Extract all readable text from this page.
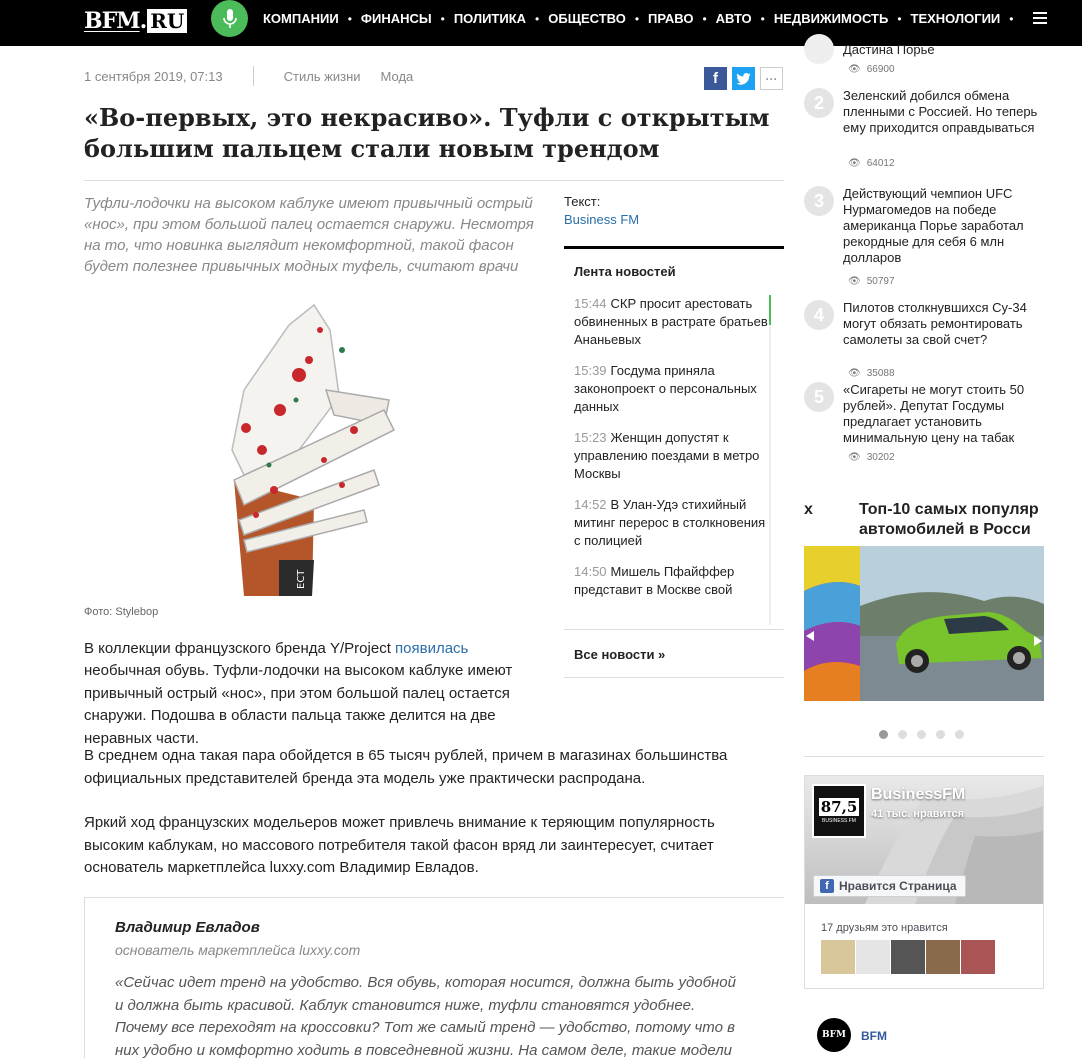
BFM . RU	КОМПАНИИ • ФИНАНСЫ • ПОЛИТИКА • ОБЩЕСТВО • ПРАВО • АВТО • НЕДВИЖИМОСТЬ • ТЕХНОЛОГИИ •
1 сентября 2019, 07:13	Стиль жизни Мода	f	···
«Во-первых, это некрасиво». Туфли с открытым большим пальцем стали новым трендом

Туфли-лодочки на высоком каблуке имеют привычный острый «нос», при этом большой палец остается снаружи. Несмотря на то, что новинка выглядит некомфортной, такой фасон будет полезнее привычных модных туфель, считают врачи

Текст:
Business FM
ECT
Фото: Stylebop
Лента новостей
15:44 СКР просит арестовать обвиненных в растрате братьев Ананьевых
15:39 Госдума приняла законопроект о персональных данных
15:23 Женщин допустят к управлению поездами в метро Москвы
14:52 В Улан-Удэ стихийный митинг перерос в столкновения с полицией
14:50 Мишель Пфайффер представит в Москве свой
Все новости »
В коллекции французского бренда Y/Project появилась
необычная обувь. Туфли-лодочки на высоком каблуке имеют привычный острый «нос», при этом большой палец остается снаружи. Подошва в области пальца также делится на две неравных части.
В среднем одна такая пара обойдется в 65 тысяч рублей, причем в магазинах большинства официальных представителей бренда эта модель уже практически распродана.
Яркий ход французских модельеров может привлечь внимание к теряющим популярность высоким каблукам, но массового потребителя такой фасон вряд ли заинтересует, считает основатель маркетплейса luxxy.com Владимир Евладов.
Владимир Евладов
основатель маркетплейса luxxy.com
«Сейчас идет тренд на удобство. Вся обувь, которая носится, должна быть удобной и должна быть красивой. Каблук становится ниже, туфли становятся удобнее. Почему все переходят на кроссовки? Тот же самый тренд — удобство, потому что в них удобно и комфортно ходить в повседневной жизни. На самом деле, такие модели
Дастина Порье
👁 66900
2	Зеленский добился обмена пленными с Россией. Но теперь ему приходится оправдываться
👁 64012
3	Действующий чемпион UFC Нурмагомедов на победе американца Порье заработал рекордные для себя 6 млн долларов
👁 50797
4	Пилотов столкнувшихся Су-34 могут обязать ремонтировать самолеты за свой счет?
👁 35088
5	«Сигареты не могут стоить 50 рублей». Депутат Госдумы предлагает установить минимальную цену на табак
👁 30202
x	Топ-10 самых популяр
автомобилей в Росси
87,5
BUSINESS FM
BusinessFM
41 тыс. нравится
f Нравится Страница
17 друзьям это нравится
BFM BFM
